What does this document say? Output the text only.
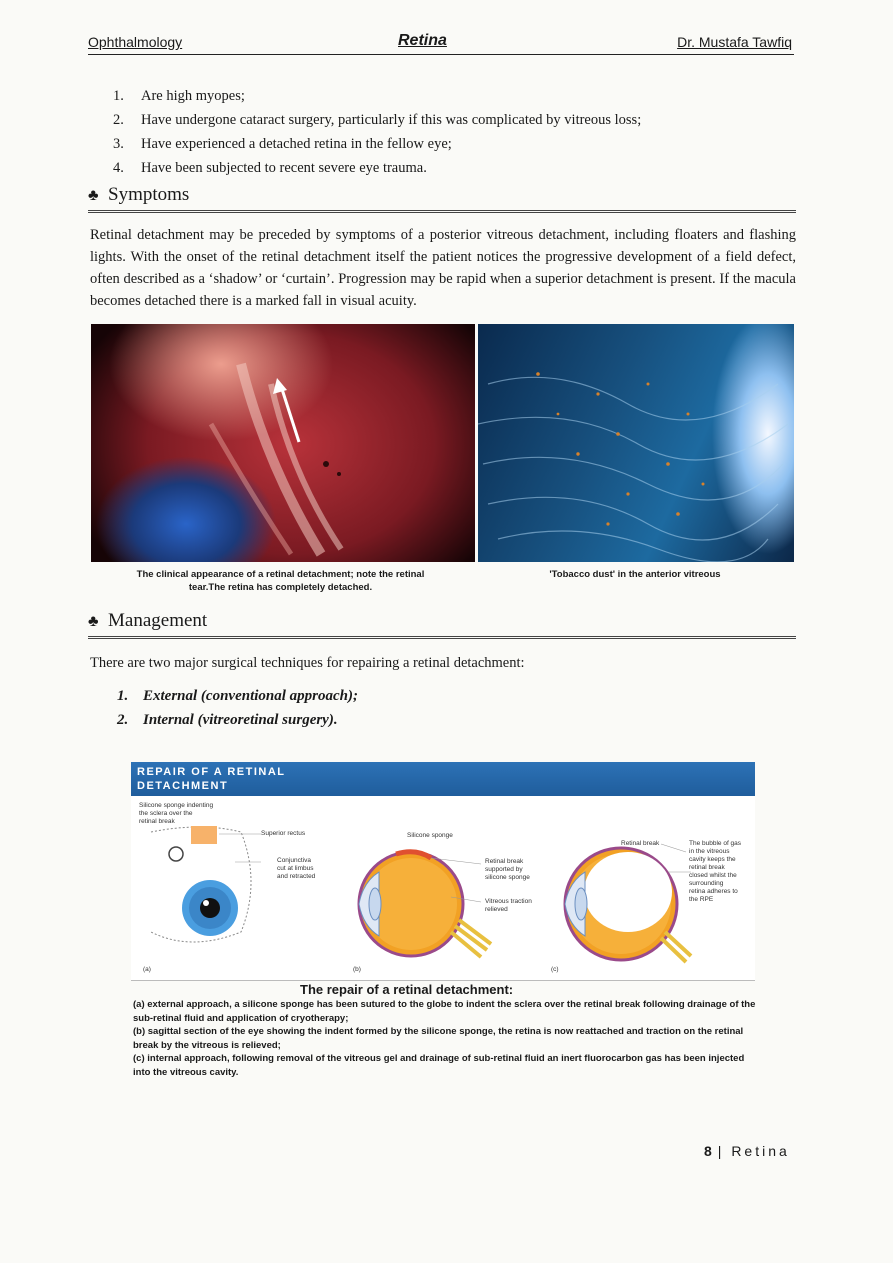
Ophthalmology	Retina	Dr. Mustafa Tawfiq
1. Are high myopes;
2. Have undergone cataract surgery, particularly if this was complicated by vitreous loss;
3. Have experienced a detached retina in the fellow eye;
4. Have been subjected to recent severe eye trauma.
♣ Symptoms

Retinal detachment may be preceded by symptoms of a posterior vitreous detachment, including floaters and flashing lights. With the onset of the retinal detachment itself the patient notices the progressive development of a field defect, often described as a ‘shadow’ or ‘curtain’. Progression may be rapid when a superior detachment is present. If the macula becomes detached there is a marked fall in visual acuity.

The clinical appearance of a retinal detachment; note the retinal
tear.The retina has completely detached.
'Tobacco dust' in the anterior vitreous
♣ Management

There are two major surgical techniques for repairing a retinal detachment:

1. External (conventional approach);
2. Internal (vitreoretinal surgery).
REPAIR OF A RETINAL
DETACHMENT
Silicone sponge indenting
the sclera over the
retinal break
Superior rectus
Conjunctiva
cut at limbus
and retracted
Silicone sponge
Retinal break
supported by
silicone sponge
Vitreous traction
relieved
Retinal break	The bubble of gas
in the vitreous
cavity keeps the
retinal break
closed whilst the
surrounding
retina adheres to
the RPE
(a)	(b)	(c)
The repair of a retinal detachment:
(a) external approach, a silicone sponge has been sutured to the globe to indent the sclera over the retinal break following drainage of the sub-retinal fluid and application of cryotherapy;
(b) sagittal section of the eye showing the indent formed by the silicone sponge, the retina is now reattached and traction on the retinal break by the vitreous is relieved;
(c) internal approach, following removal of the vitreous gel and drainage of sub-retinal fluid an inert fluorocarbon gas has been injected into the vitreous cavity.
8 | Retina
